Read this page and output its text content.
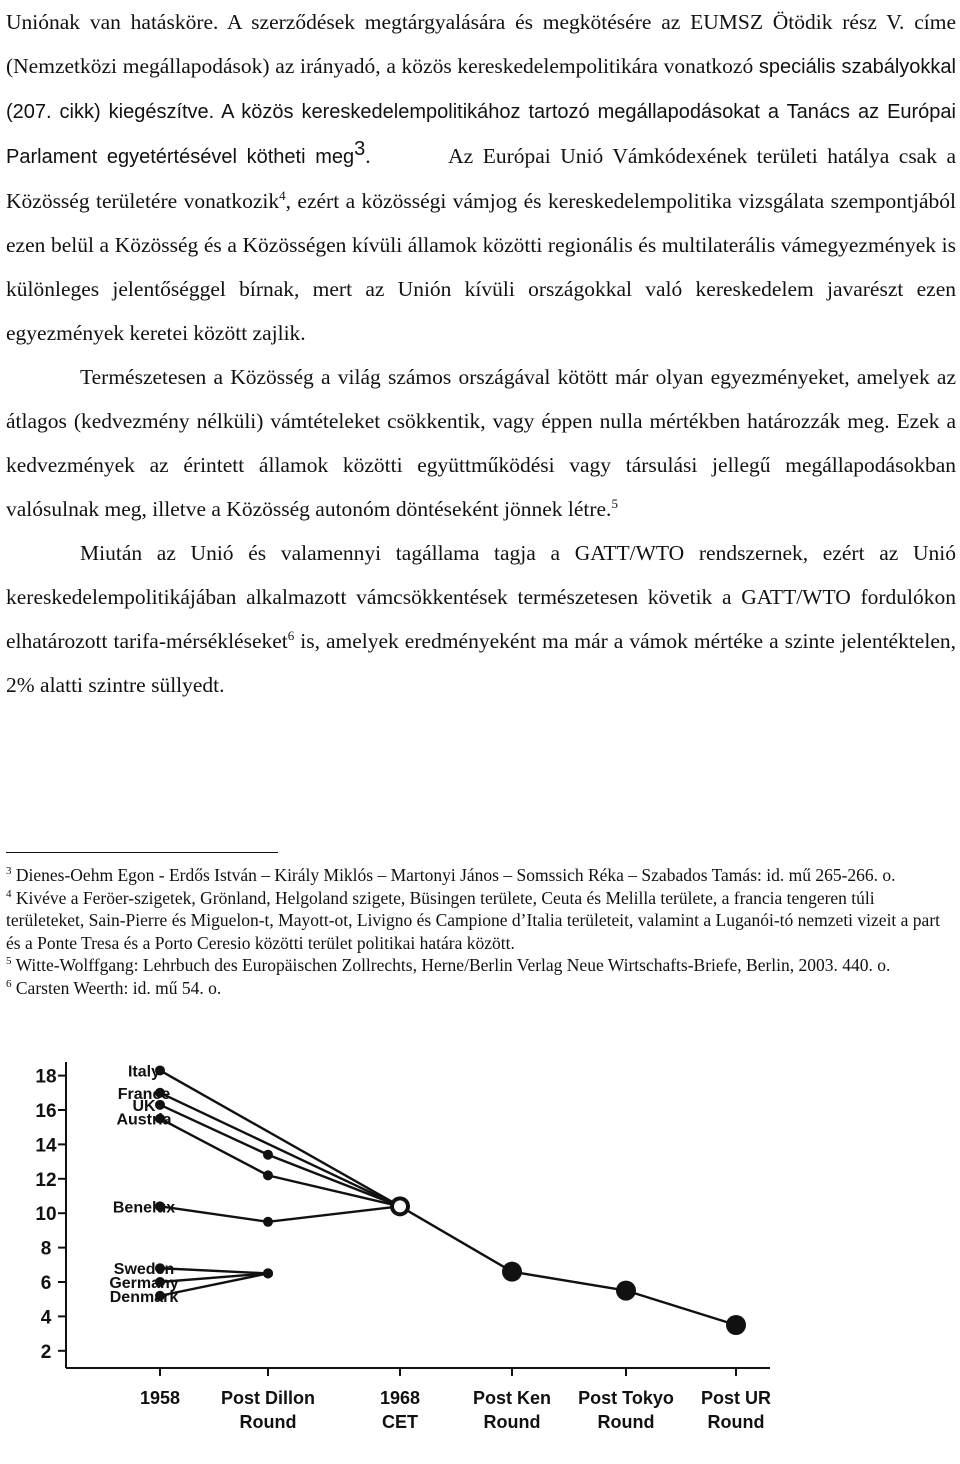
Uniónak van hatásköre. A szerződések megtárgyalására és megkötésére az EUMSZ Ötödik rész V. címe (Nemzetközi megállapodások) az irányadó, a közös kereskedelempolitikára vonatkozó speciális szabályokkal (207. cikk) kiegészítve. A közös kereskedelempolitikához tartozó megállapodásokat a Tanács az Európai Parlament egyetértésével kötheti meg$^3$.	Az Európai Unió Vámkódexének területi hatálya csak a Közösség területére vonatkozik$^4$, ezért a közösségi vámjog és kereskedelempolitika vizsgálata szempontjából ezen belül a Közösség és a Közösségen kívüli államok közötti regionális és multilaterális vámegyezmények is különleges jelentőséggel bírnak, mert az Unión kívüli országokkal való kereskedelem javarészt ezen egyezmények keretei között zajlik.

Természetesen a Közösség a világ számos országával kötött már olyan egyezményeket, amelyek az átlagos (kedvezmény nélküli) vámtételeket csökkentik, vagy éppen nulla mértékben határozzák meg. Ezek a kedvezmények az érintett államok közötti együttműködési vagy társulási jellegű megállapodásokban valósulnak meg, illetve a Közösség autonóm döntéseként jönnek létre.$^5$

Miután az Unió és valamennyi tagállama tagja a GATT/WTO rendszernek, ezért az Unió kereskedelempolitikájában alkalmazott vámcsökkentések természetesen követik a GATT/WTO fordulókon elhatározott tarifa-mérsékléseket$^6$ is, amelyek eredményeként ma már a vámok mértéke a szinte jelentéktelen, 2% alatti szintre süllyedt.

$^3$ Dienes-Oehm Egon - Erdős István – Király Miklós – Martonyi János – Somssich Réka – Szabados Tamás: id. mű 265-266. o.

$^4$ Kivéve a Feröer-szigetek, Grönland, Helgoland szigete, Büsingen területe, Ceuta és Melilla területe, a francia tengeren túli területeket, Sain-Pierre és Miguelon-t, Mayott-ot, Livigno és Campione d’Italia területeit, valamint a Luganói-tó nemzeti vizeit a part és a Ponte Tresa és a Porto Ceresio közötti terület politikai határa között.

$^5$ Witte-Wolffgang: Lehrbuch des Europäischen Zollrechts, Herne/Berlin Verlag Neue Wirtschafts-Briefe, Berlin, 2003. 440. o.

$^6$ Carsten Weerth: id. mű 54. o.

18
16
14
12
10
8
6
4
2
1958 Post Dillon
Round
1968
CET
Post Ken
Round
Post Tokyo
Round
Post UR
Round
Italy
France
UK
Austria
Benelux
Sweden
Germany
Denmark
